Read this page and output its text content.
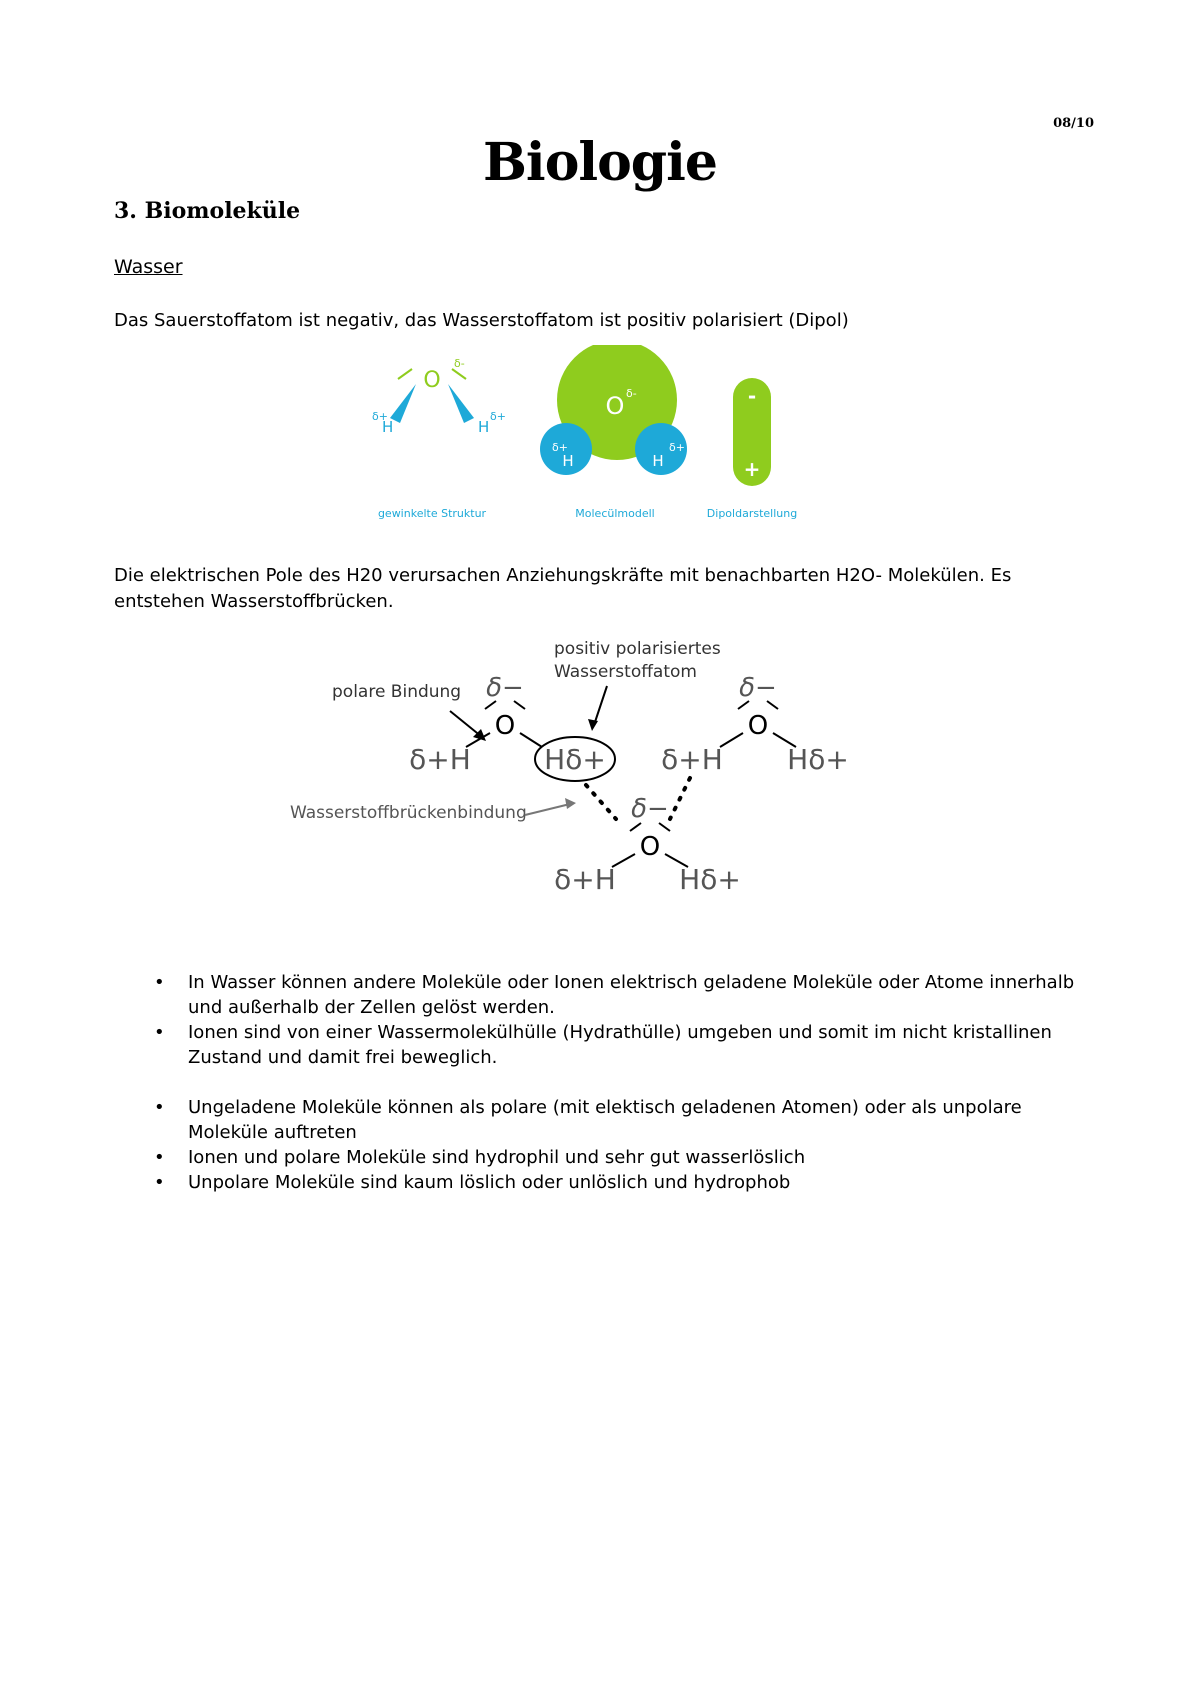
08/10
Biologie
3. Biomoleküle
Wasser
Das Sauerstoffatom ist negativ, das Wasserstoffatom ist positiv polarisiert (Dipol)
O
δ-
H
δ+
H
δ+
gewinkelte Struktur
O δ-
H
δ+
H
δ+
Molecülmodell
-
+
Dipoldarstellung
Die elektrischen Pole des H20 verursachen Anziehungskräfte mit benachbarten H2O- Molekülen. Es entstehen Wasserstoffbrücken.
polare Bindung
positiv polarisiertes
Wasserstoffatom
Wasserstoffbrückenbindung
δ−
O
δ+H	Hδ+
δ−
O
δ+H Hδ+
δ−
O
δ+H Hδ+
• In Wasser können andere Moleküle oder Ionen elektrisch geladene Moleküle oder Atome innerhalb und außerhalb der Zellen gelöst werden.
• Ionen sind von einer Wassermolekülhülle (Hydrathülle) umgeben und somit im nicht kristallinen Zustand und damit frei beweglich.
• Ungeladene Moleküle können als polare (mit elektisch geladenen Atomen) oder als unpolare Moleküle auftreten
• Ionen und polare Moleküle sind hydrophil und sehr gut wasserlöslich
• Unpolare Moleküle sind kaum löslich oder unlöslich und hydrophob
